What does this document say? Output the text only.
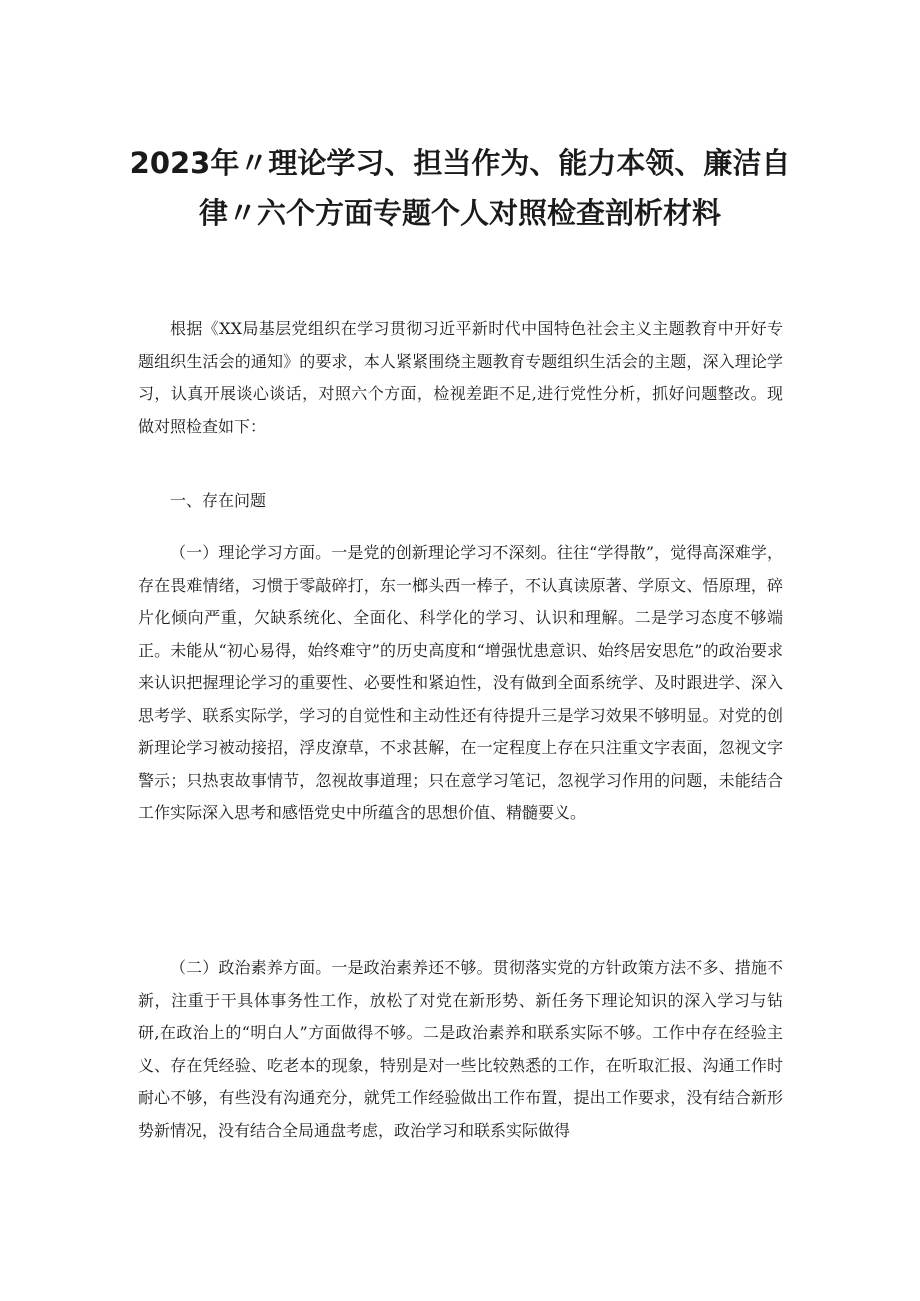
2023年〃理论学习、担当作为、能力本领、廉洁自
律〃六个方面专题个人对照检查剖析材料

根据《XX局基层党组织在学习贯彻习近平新时代中国特色社会主义主题教育中开好专题组织生活会的通知》的要求，本人紧紧围绕主题教育专题组织生活会的主题，深入理论学习，认真开展谈心谈话，对照六个方面，检视差距不足,进行党性分析，抓好问题整改。现做对照检查如下：

一、存在问题

（一）理论学习方面。一是党的创新理论学习不深刻。往往“学得散”，觉得高深难学，存在畏难情绪，习惯于零敲碎打，东一榔头西一棒子，不认真读原著、学原文、悟原理，碎片化倾向严重，欠缺系统化、全面化、科学化的学习、认识和理解。二是学习态度不够端正。未能从“初心易得，始终难守”的历史高度和“增强忧患意识、始终居安思危”的政治要求来认识把握理论学习的重要性、必要性和紧迫性，没有做到全面系统学、及时跟进学、深入思考学、联系实际学，学习的自觉性和主动性还有待提升三是学习效果不够明显。对党的创新理论学习被动接招，浮皮潦草，不求甚解，在一定程度上存在只注重文字表面，忽视文字警示；只热衷故事情节，忽视故事道理；只在意学习笔记，忽视学习作用的问题，未能结合工作实际深入思考和感悟党史中所蕴含的思想价值、精髓要义。

（二）政治素养方面。一是政治素养还不够。贯彻落实党的方针政策方法不多、措施不新，注重于干具体事务性工作，放松了对党在新形势、新任务下理论知识的深入学习与钻研,在政治上的“明白人”方面做得不够。二是政治素养和联系实际不够。工作中存在经验主义、存在凭经验、吃老本的现象，特别是对一些比较熟悉的工作，在听取汇报、沟通工作时耐心不够，有些没有沟通充分，就凭工作经验做出工作布置，提出工作要求，没有结合新形势新情况，没有结合全局通盘考虑，政治学习和联系实际做得
